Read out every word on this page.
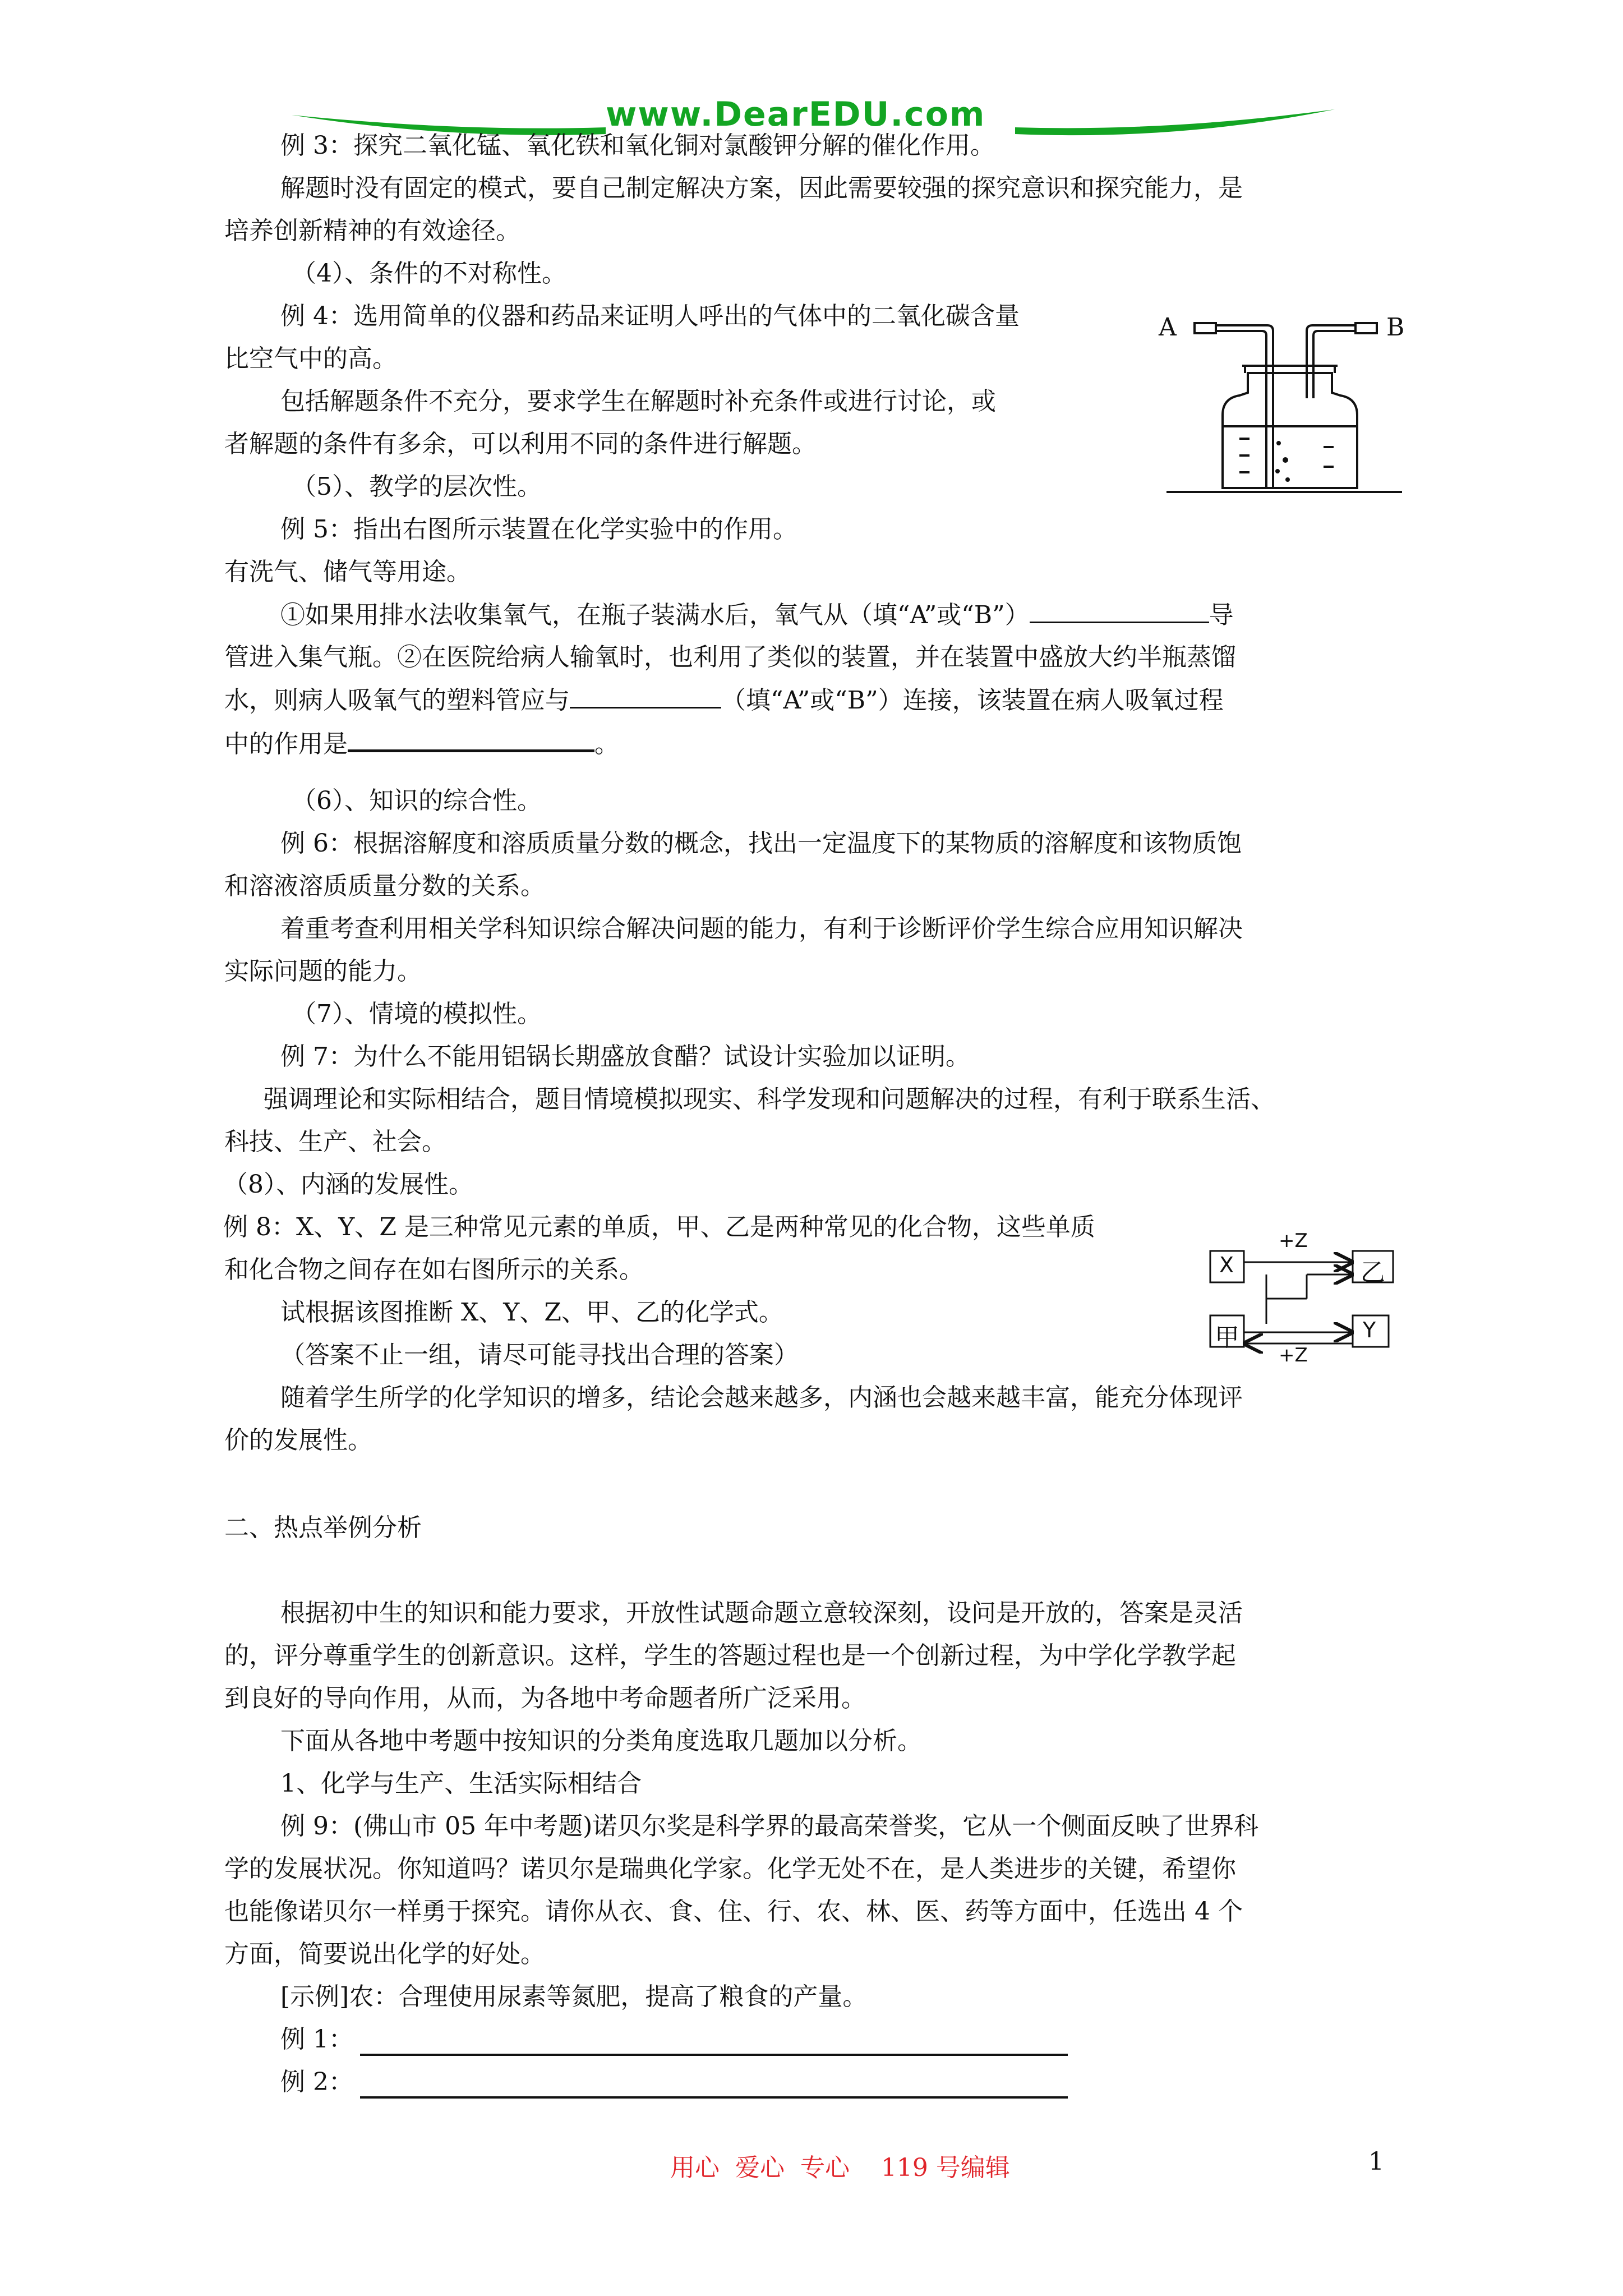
www.DearEDU.com
例 3：探究二氧化锰、氧化铁和氧化铜对氯酸钾分解的催化作用。
解题时没有固定的模式，要自己制定解决方案，因此需要较强的探究意识和探究能力，是
培养创新精神的有效途径。
（4）、条件的不对称性。
例 4：选用简单的仪器和药品来证明人呼出的气体中的二氧化碳含量
比空气中的高。
包括解题条件不充分，要求学生在解题时补充条件或进行讨论，或
者解题的条件有多余，可以利用不同的条件进行解题。
（5）、教学的层次性。
例 5：指出右图所示装置在化学实验中的作用。
有洗气、储气等用途。
①如果用排水法收集氧气，在瓶子装满水后，氧气从（填“A”或“B”）	导
管进入集气瓶。②在医院给病人输氧时，也利用了类似的装置，并在装置中盛放大约半瓶蒸馏
水，则病人吸氧气的塑料管应与	（填“A”或“B”）连接，该装置在病人吸氧过程
中的作用是	。
（6）、知识的综合性。
例 6：根据溶解度和溶质质量分数的概念，找出一定温度下的某物质的溶解度和该物质饱
和溶液溶质质量分数的关系。
着重考查利用相关学科知识综合解决问题的能力，有利于诊断评价学生综合应用知识解决
实际问题的能力。
（7）、情境的模拟性。
例 7：为什么不能用铝锅长期盛放食醋？试设计实验加以证明。
强调理论和实际相结合，题目情境模拟现实、科学发现和问题解决的过程，有利于联系生活、
科技、生产、社会。
（8）、内涵的发展性。
例 8：X、Y、Z 是三种常见元素的单质，甲、乙是两种常见的化合物，这些单质
和化合物之间存在如右图所示的关系。
试根据该图推断 X、Y、Z、甲、乙的化学式。
（答案不止一组，请尽可能寻找出合理的答案）
随着学生所学的化学知识的增多，结论会越来越多，内涵也会越来越丰富，能充分体现评
价的发展性。
二、热点举例分析
根据初中生的知识和能力要求，开放性试题命题立意较深刻，设问是开放的，答案是灵活
的，评分尊重学生的创新意识。这样，学生的答题过程也是一个创新过程，为中学化学教学起
到良好的导向作用，从而，为各地中考命题者所广泛采用。
下面从各地中考题中按知识的分类角度选取几题加以分析。
1、化学与生产、生活实际相结合
例 9：(佛山市 05 年中考题)诺贝尔奖是科学界的最高荣誉奖，它从一个侧面反映了世界科
学的发展状况。你知道吗？诺贝尔是瑞典化学家。化学无处不在，是人类进步的关键，希望你
也能像诺贝尔一样勇于探究。请你从衣、食、住、行、农、林、医、药等方面中，任选出 4 个
方面，简要说出化学的好处。
[示例]农：合理使用尿素等氮肥，提高了粮食的产量。
例 1：
例 2：
A	B
X	乙
甲	Y
+Z
+Z
用心  爱心  专心    119 号编辑	1
